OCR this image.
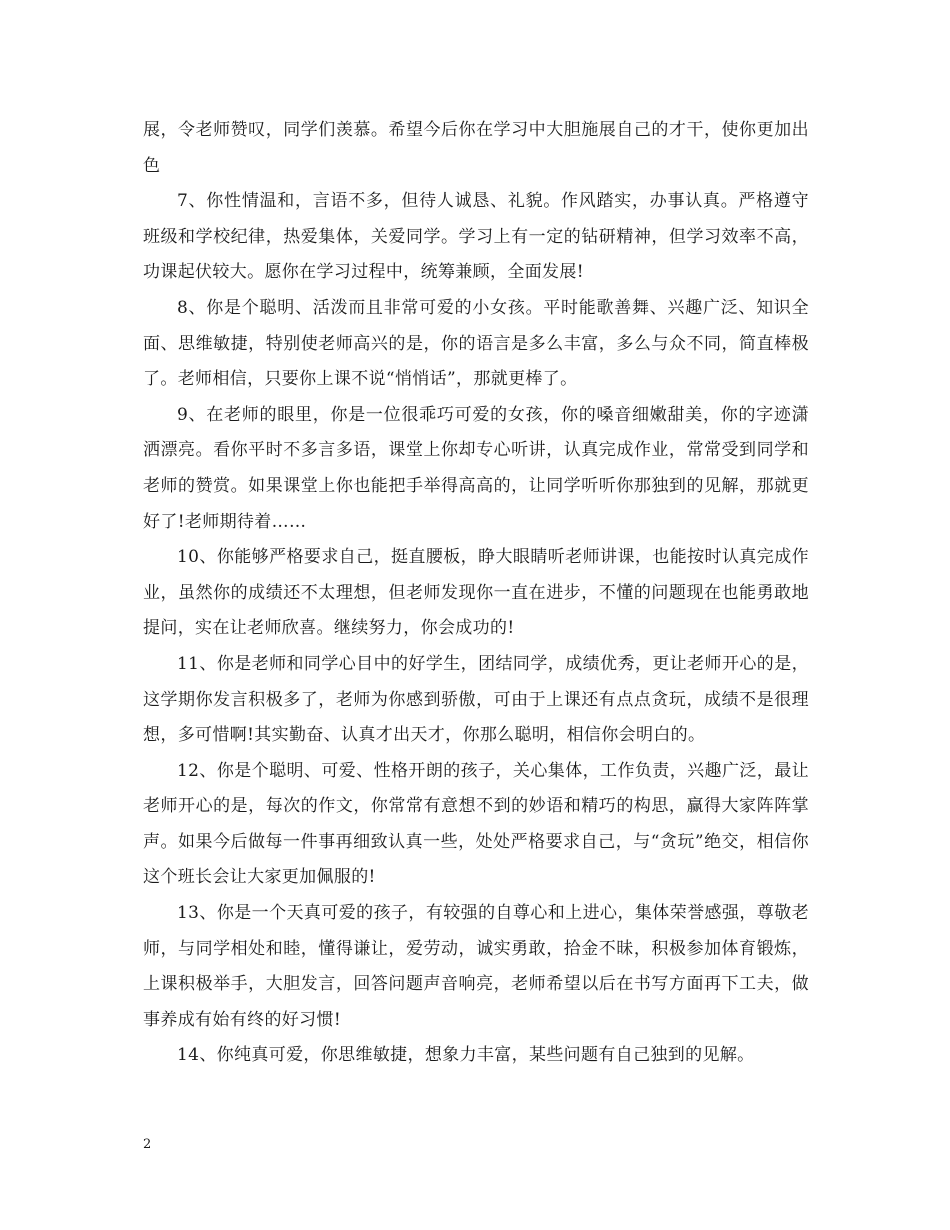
展，令老师赞叹，同学们羡慕。希望今后你在学习中大胆施展自己的才干，使你更加出色

7、你性情温和，言语不多，但待人诚恳、礼貌。作风踏实，办事认真。严格遵守班级和学校纪律，热爱集体，关爱同学。学习上有一定的钻研精神，但学习效率不高，功课起伏较大。愿你在学习过程中，统筹兼顾，全面发展!

8、你是个聪明、活泼而且非常可爱的小女孩。平时能歌善舞、兴趣广泛、知识全面、思维敏捷，特别使老师高兴的是，你的语言是多么丰富，多么与众不同，简直棒极了。老师相信，只要你上课不说“悄悄话”，那就更棒了。

9、在老师的眼里，你是一位很乖巧可爱的女孩，你的嗓音细嫩甜美，你的字迹潇洒漂亮。看你平时不多言多语，课堂上你却专心听讲，认真完成作业，常常受到同学和老师的赞赏。如果课堂上你也能把手举得高高的，让同学听听你那独到的见解，那就更好了!老师期待着……

10、你能够严格要求自己，挺直腰板，睁大眼睛听老师讲课，也能按时认真完成作业，虽然你的成绩还不太理想，但老师发现你一直在进步，不懂的问题现在也能勇敢地提问，实在让老师欣喜。继续努力，你会成功的!

11、你是老师和同学心目中的好学生，团结同学，成绩优秀，更让老师开心的是，这学期你发言积极多了，老师为你感到骄傲，可由于上课还有点点贪玩，成绩不是很理想，多可惜啊!其实勤奋、认真才出天才，你那么聪明，相信你会明白的。

12、你是个聪明、可爱、性格开朗的孩子，关心集体，工作负责，兴趣广泛，最让老师开心的是，每次的作文，你常常有意想不到的妙语和精巧的构思，赢得大家阵阵掌声。如果今后做每一件事再细致认真一些，处处严格要求自己，与“贪玩”绝交，相信你这个班长会让大家更加佩服的!

13、你是一个天真可爱的孩子，有较强的自尊心和上进心，集体荣誉感强，尊敬老师，与同学相处和睦，懂得谦让，爱劳动，诚实勇敢，拾金不昧，积极参加体育锻炼，上课积极举手，大胆发言，回答问题声音响亮，老师希望以后在书写方面再下工夫，做事养成有始有终的好习惯!

14、你纯真可爱，你思维敏捷，想象力丰富，某些问题有自己独到的见解。

2
